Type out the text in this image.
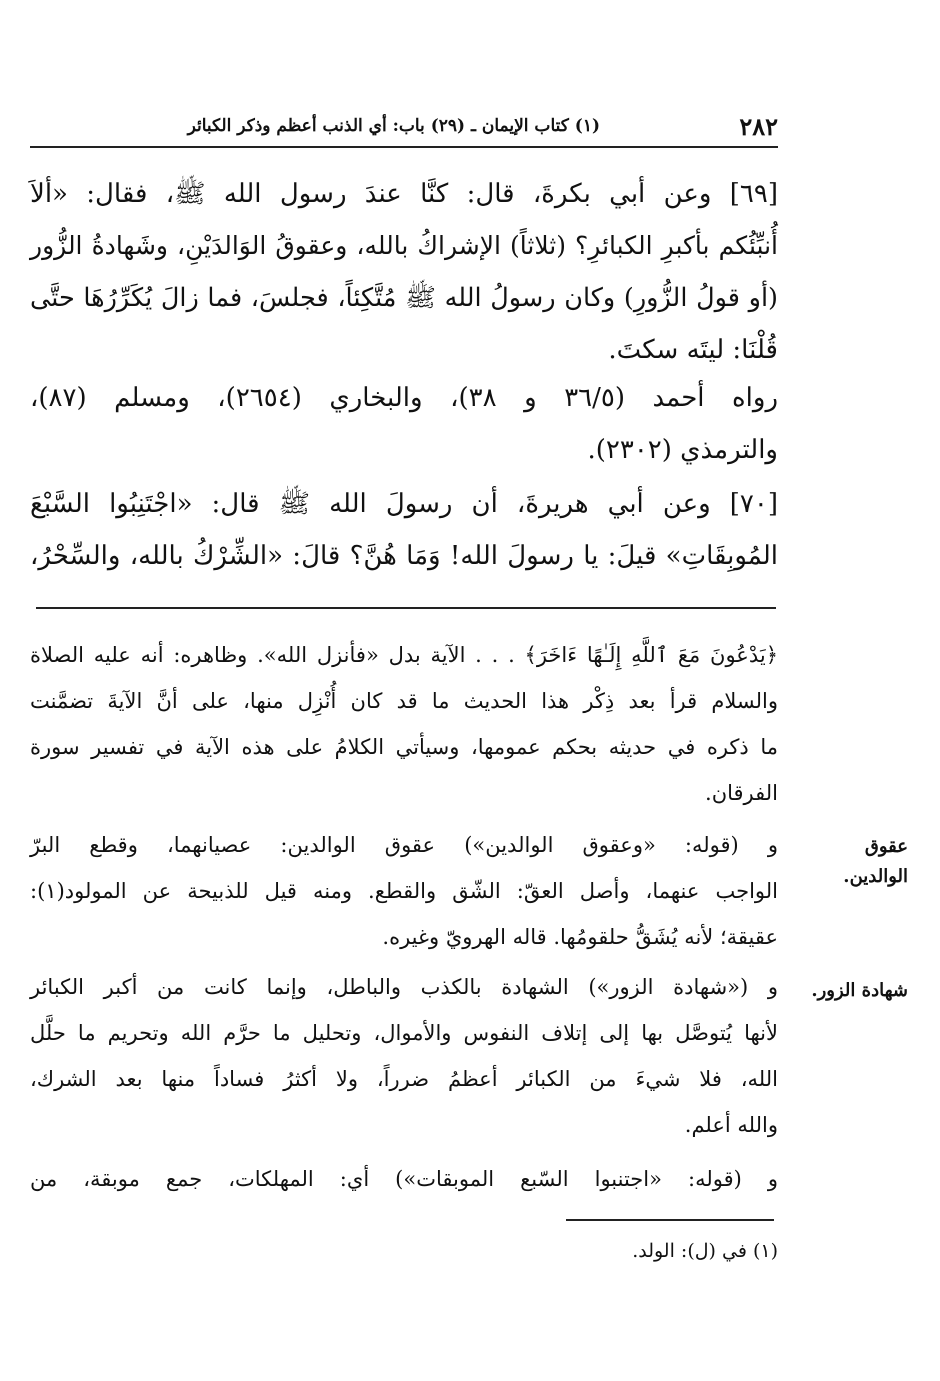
٢٨٢
(١) كتاب الإيمان ـ (٢٩) باب: أي الذنب أعظم وذكر الكبائر
[٦٩] وعن أبي بكرةَ، قال: كنَّا عندَ رسول الله ﷺ، فقال: «ألاَ
أُنبِّئُكم بأكبرِ الكبائرِ؟ (ثلاثاً) الإشراكُ بالله، وعقوقُ الوَالدَيْنِ، وشَهادةُ الزُّور
(أو قولُ الزُّورِ) وكان رسولُ الله ﷺ مُتَّكِئاً، فجلسَ، فما زالَ يُكَرِّرُهَا حتَّى
قُلْنَا: ليتَه سكتَ.
رواه أحمد (٣٦/٥ و ٣٨)، والبخاري (٢٦٥٤)، ومسلم (٨٧)،
والترمذي (٢٣٠٢).
[٧٠] وعن أبي هريرةَ، أن رسولَ الله ﷺ قال: «اجْتَنِبُوا السَّبْعَ
المُوبِقَاتِ» قيلَ: يا رسولَ الله! وَمَا هُنَّ؟ قالَ: «الشِّرْكُ بالله، والسِّحْرُ،
﴿يَدْعُونَ مَعَ ٱللَّهِ إِلَـٰهًا ءَاخَرَ﴾ . . . الآية بدل «فأنزل الله». وظاهره: أنه عليه الصلاة
والسلام قرأ بعد ذِكْر هذا الحديث ما قد كان أُنْزِل منها، على أنَّ الآيةَ تضمَّنت
ما ذكره في حديثه بحكم عمومها، وسيأتي الكلامُ على هذه الآية في تفسير سورة
الفرقان.
عقوق
الوالدين.
و (قوله: «وعقوق الوالدين») عقوق الوالدين: عصيانهما، وقطع البرّ
الواجب عنهما، وأصل العقّ: الشّق والقطع. ومنه قيل للذبيحة عن المولود(١):
عقيقة؛ لأنه يُشَقُّ حلقومُها. قاله الهرويّ وغيره.
شهادة الزور.
و («شهادة الزور») الشهادة بالكذب والباطل، وإنما كانت من أكبر الكبائر
لأنها يُتوصَّل بها إلى إتلاف النفوس والأموال، وتحليل ما حرَّم الله وتحريم ما حلَّل
الله، فلا شيءَ من الكبائر أعظمُ ضرراً، ولا أكثرُ فساداً منها بعد الشرك،
والله أعلم.
و (قوله: «اجتنبوا السّبع الموبقات») أي: المهلكات، جمع موبقة، من
(١) في (ل): الولد.
